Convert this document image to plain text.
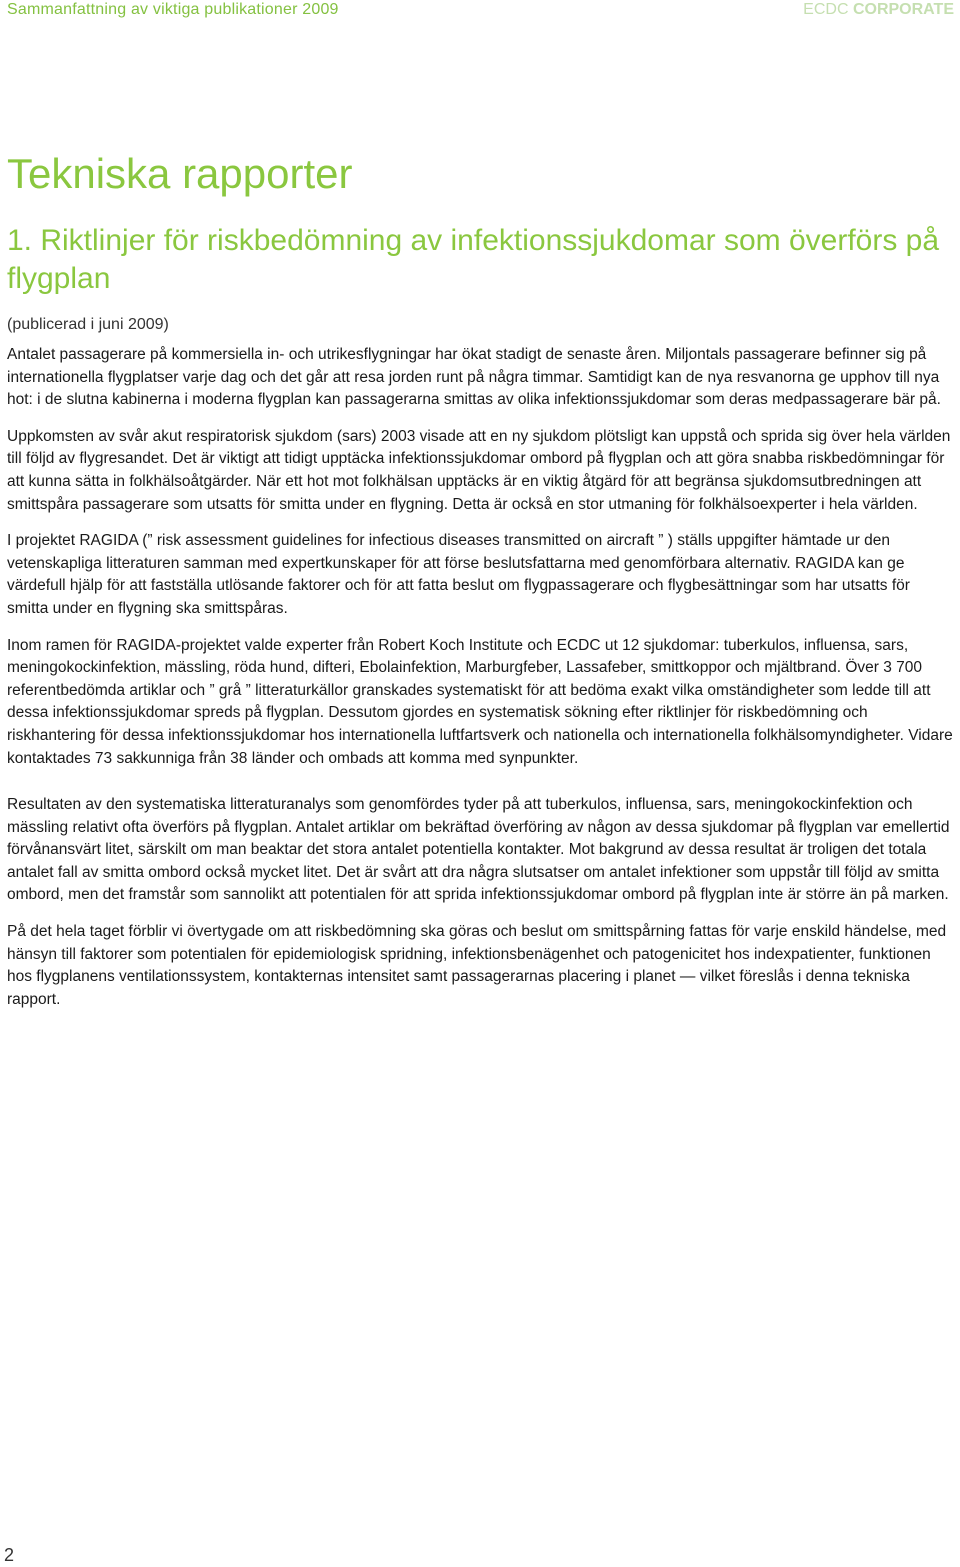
Sammanfattning av viktiga publikationer 2009	ECDC CORPORATE
Tekniska rapporter
1. Riktlinjer för riskbedömning av infektionssjukdomar som överförs på flygplan

(publicerad i juni 2009)

Antalet passagerare på kommersiella in- och utrikesflygningar har ökat stadigt de senaste åren. Miljontals passagerare befinner sig på internationella flygplatser varje dag och det går att resa jorden runt på några timmar. Samtidigt kan de nya resvanorna ge upphov till nya hot: i de slutna kabinerna i moderna flygplan kan passagerarna smittas av olika infektionssjukdomar som deras medpassagerare bär på.

Uppkomsten av svår akut respiratorisk sjukdom (sars) 2003 visade att en ny sjukdom plötsligt kan uppstå och sprida sig över hela världen till följd av flygresandet. Det är viktigt att tidigt upptäcka infektionssjukdomar ombord på flygplan och att göra snabba riskbedömningar för att kunna sätta in folkhälsoåtgärder. När ett hot mot folkhälsan upptäcks är en viktig åtgärd för att begränsa sjukdomsutbredningen att smittspåra passagerare som utsatts för smitta under en flygning. Detta är också en stor utmaning för folkhälsoexperter i hela världen.

I projektet RAGIDA (” risk assessment guidelines for infectious diseases transmitted on aircraft ” ) ställs uppgifter hämtade ur den vetenskapliga litteraturen samman med expertkunskaper för att förse beslutsfattarna med genomförbara alternativ. RAGIDA kan ge värdefull hjälp för att fastställa utlösande faktorer och för att fatta beslut om flygpassagerare och flygbesättningar som har utsatts för smitta under en flygning ska smittspåras.

Inom ramen för RAGIDA-projektet valde experter från Robert Koch Institute och ECDC ut 12 sjukdomar: tuberkulos, influensa, sars, meningokockinfektion, mässling, röda hund, difteri, Ebolainfektion, Marburgfeber, Lassafeber, smittkoppor och mjältbrand. Över 3 700 referentbedömda artiklar och ” grå ” litteraturkällor granskades systematiskt för att bedöma exakt vilka omständigheter som ledde till att dessa infektionssjukdomar spreds på flygplan. Dessutom gjordes en systematisk sökning efter riktlinjer för riskbedömning och riskhantering för dessa infektionssjukdomar hos internationella luftfartsverk och nationella och internationella folkhälsomyndigheter. Vidare kontaktades 73 sakkunniga från 38 länder och ombads att komma med synpunkter.

Resultaten av den systematiska litteraturanalys som genomfördes tyder på att tuberkulos, influensa, sars, meningokockinfektion och mässling relativt ofta överförs på flygplan. Antalet artiklar om bekräftad överföring av någon av dessa sjukdomar på flygplan var emellertid förvånansvärt litet, särskilt om man beaktar det stora antalet potentiella kontakter. Mot bakgrund av dessa resultat är troligen det totala antalet fall av smitta ombord också mycket litet. Det är svårt att dra några slutsatser om antalet infektioner som uppstår till följd av smitta ombord, men det framstår som sannolikt att potentialen för att sprida infektionssjukdomar ombord på flygplan inte är större än på marken.

På det hela taget förblir vi övertygade om att riskbedömning ska göras och beslut om smittspårning fattas för varje enskild händelse, med hänsyn till faktorer som potentialen för epidemiologisk spridning, infektionsbenägenhet och patogenicitet hos indexpatienter, funktionen hos flygplanens ventilationssystem, kontakternas intensitet samt passagerarnas placering i planet — vilket föreslås i denna tekniska rapport.

2
